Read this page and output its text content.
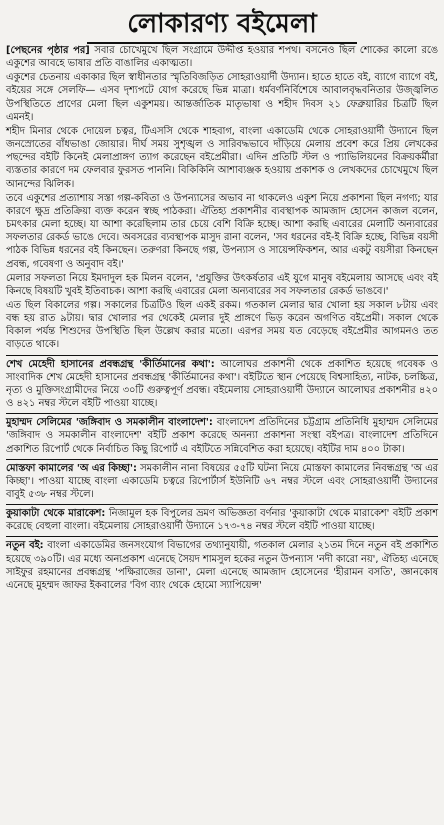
লোকারণ্য বইমেলা

[পেছনের পৃষ্ঠার পর] সবার চোখেমুখে ছিল সংগ্রামে উদ্দীপ্ত হওয়ার শপথ। বসনেও ছিল শোকের কালো রঙে একুশের আবহে ভাষার প্রতি বাঙালির একাত্মতা।

একুশের চেতনায় একাকার ছিল স্বাধীনতার স্মৃতিবিজড়িত সোহরাওয়ার্দী উদ্যান। হাতে হাতে বই, ব্যাগে ব্যাগে বই, বইয়ের সঙ্গে সেলফি— এসব দৃশ্যপটে যোগ করেছে ভিন্ন মাত্রা। ধর্মবর্ণনির্বিশেষে আবালবৃদ্ধবনিতার উজ্জ্বলিত উপস্থিতিতে প্রাণের মেলা ছিল একুশময়। আন্তর্জাতিক মাতৃভাষা ও শহীদ দিবস ২১ ফেব্রুয়ারির চিত্রটি ছিল এমনই।

শহীদ মিনার থেকে দোয়েল চত্বর, টিএসসি থেকে শাহবাগ, বাংলা একাডেমি থেকে সোহরাওয়ার্দী উদ্যানে ছিল জনস্রোতের বাঁধভাঙা জোয়ার। দীর্ঘ সময় সুশৃঙ্খল ও সারিবদ্ধভাবে দাঁড়িয়ে মেলায় প্রবেশ করে প্রিয় লেখকের পছন্দের বইটি কিনেই মেলাপ্রাঙ্গণ ত্যাগ করেছেন বইপ্রেমীরা। এদিন প্রতিটি স্টল ও প্যাভিলিয়নের বিক্রয়কর্মীরা ব্যস্ততার কারণে দম ফেলবার ফুরসত পাননি। বিকিকিনি আশাব্যঞ্জক হওয়ায় প্রকাশক ও লেখকদের চোখেমুখে ছিল আনন্দের ঝিলিক।

তবে একুশের প্রত্যাশায় সস্তা গল্প-কবিতা ও উপন্যাসের অভাব না থাকলেও একুশ নিয়ে প্রকাশনা ছিল নগণ্য; যার কারণে ক্ষুদ্র প্রতিক্রিয়া ব্যক্ত করেন স্বচ্ছ পাঠকরা। ঐতিহ্য প্রকাশনীর ব্যবস্থাপক আমজাদ হোসেন কাজল বলেন, চমৎকার মেলা হচ্ছে। যা আশা করেছিলাম তার চেয়ে বেশি বিক্রি হচ্ছে। আশা করছি এবারের মেলাটি অন্যবারের সফলতার রেকর্ড ভাঙে দেবে। অবসরের ব্যবস্থাপক মাসুদ রানা বলেন, 'সব ধরনের বই-ই বিক্রি হচ্ছে, বিভিন্ন বয়সী পাঠক বিভিন্ন ধরনের বই কিনছেন। তরুণরা কিনছে গল্প, উপন্যাস ও সায়েন্সফিকশন, আর একটু বয়সীরা কিনছেন প্রবন্ধ, গবেষণা ও অনুবাদ বই।'

মেলার সফলতা নিয়ে ইমদাদুল হক মিলন বলেন, 'প্রযুক্তির উৎকর্ষতার এই যুগে মানুষ বইমেলায় আসছে এবং বই কিনছে বিষয়টি খুবই ইতিবাচক। আশা করছি এবারের মেলা অন্যবারের সব সফলতার রেকর্ড ভাঙবে।'

এত ছিল বিকালের গল্প। সকালের চিত্রটিও ছিল একই রকম। গতকাল মেলার দ্বার খোলা হয় সকাল ৮টায় এবং বন্ধ হয় রাত ৯টায়। দ্বার খোলার পর থেকেই মেলার দুই প্রাঙ্গণে ভিড় করেন অগণিত বইপ্রেমী। সকাল থেকে বিকাল পর্যন্ত শিশুদের উপস্থিতি ছিল উল্লেখ করার মতো। এরপর সময় যত বেড়েছে বইপ্রেমীর আগমনও তত বাড়তে থাকে।

শেখ মেহেদী হাসানের প্রবন্ধগ্রন্থ 'কীর্তিমানের কথা': আলোঘর প্রকাশনী থেকে প্রকাশিত হয়েছে গবেষক ও সাংবাদিক শেখ মেহেদী হাসানের প্রবন্ধগ্রন্থ 'কীর্তিমানের কথা'। বইটিতে স্থান পেয়েছে বিশ্বসাহিত্য, নাটক, চলচ্চিত্র, নৃত্য ও মুক্তিসংগ্রামীদের নিয়ে ৩০টি গুরুত্বপূর্ণ প্রবন্ধ। বইমেলায় সোহরাওয়ার্দী উদ্যানে আলোঘর প্রকাশনীর ৪২০ ও ৪২১ নম্বর স্টলে বইটি পাওয়া যাচ্ছে।

মুহাম্মদ সেলিমের 'জঙ্গিবাদ ও সমকালীন বাংলাদেশ': বাংলাদেশ প্রতিদিনের চট্টগ্রাম প্রতিনিধি মুহাম্মদ সেলিমের 'জঙ্গিবাদ ও সমকালীন বাংলাদেশ' বইটি প্রকাশ করেছে অনন্যা প্রকাশনা সংস্থা বইপত্র। বাংলাদেশ প্রতিদিনে প্রকাশিত রিপোর্ট থেকে নির্বাচিত কিছু রিপোর্ট এ বইটিতে সন্নিবেশিত করা হয়েছে। বইটির দাম ৪০০ টাকা।

মোস্তফা কামালের 'অ এর কিচ্ছা': সমকালীন নানা বিষয়ের ৫৫টি ঘটনা নিয়ে মোস্তফা কামালের নিবন্ধগ্রন্থ 'অ এর কিচ্ছা'। পাওয়া যাচ্ছে বাংলা একাডেমি চত্বরে রিপোর্টার্স ইউনিটি ৬৭ নম্বর স্টলে এবং সোহরাওয়ার্দী উদ্যানের বাবুই ৫৩৮ নম্বর স্টলে।

কুয়াকাটা থেকে মারাকেশ: নিজামুল হক বিপুলের ভ্রমণ অভিজ্ঞতা বর্ণনার 'কুয়াকাটা থেকে মারাকেশ' বইটি প্রকাশ করেছে বেহুলা বাংলা। বইমেলায় সোহরাওয়ার্দী উদ্যানে ১৭৩-৭৪ নম্বর স্টলে বইটি পাওয়া যাচ্ছে।

নতুন বই: বাংলা একাডেমির জনসংযোগ বিভাগের তথ্যানুযায়ী, গতকাল মেলার ২১তম দিনে নতুন বই প্রকাশিত হয়েছে ৩৯০টি। এর মধ্যে অন্যপ্রকাশ এনেছে সৈয়দ শামসুল হকের নতুন উপন্যাস 'নদী কারো নয়', ঐতিহ্য এনেছে সাইফুর রহমানের প্রবন্ধগ্রন্থ 'পক্ষিরাজের ডানা', মেলা এনেছে আমজাদ হোসেনের 'হীরামন বসতি', জ্ঞানকোষ এনেছে মুহম্মদ জাফর ইকবালের 'বিগ ব্যাং থেকে হোমো স্যাপিয়েন্স'
